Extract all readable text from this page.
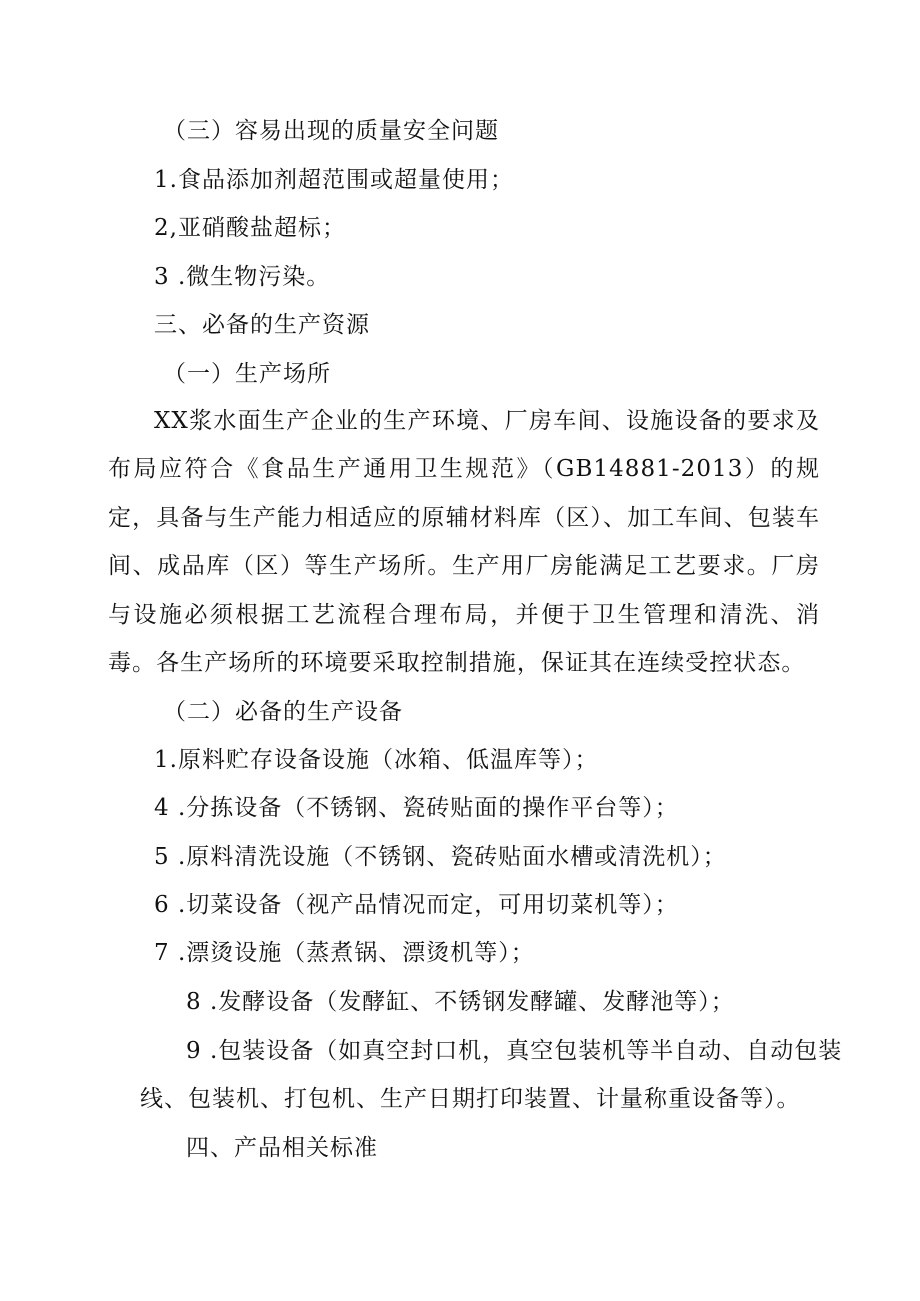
（三）容易出现的质量安全问题
1.食品添加剂超范围或超量使用；
2,亚硝酸盐超标；
3 .微生物污染。
三、必备的生产资源
（一）生产场所
XX浆水面生产企业的生产环境、厂房车间、设施设备的要求及布局应符合《食品生产通用卫生规范》（GB14881-2013）的规定，具备与生产能力相适应的原辅材料库（区）、加工车间、包装车间、成品库（区）等生产场所。生产用厂房能满足工艺要求。厂房与设施必须根据工艺流程合理布局，并便于卫生管理和清洗、消毒。各生产场所的环境要采取控制措施，保证其在连续受控状态。
（二）必备的生产设备
1.原料贮存设备设施（冰箱、低温库等）；
4 .分拣设备（不锈钢、瓷砖贴面的操作平台等）；
5 .原料清洗设施（不锈钢、瓷砖贴面水槽或清洗机）；
6 .切菜设备（视产品情况而定，可用切菜机等）；
7 .漂烫设施（蒸煮锅、漂烫机等）；
8 .发酵设备（发酵缸、不锈钢发酵罐、发酵池等）；
9 .包装设备（如真空封口机，真空包装机等半自动、自动包装
线、包装机、打包机、生产日期打印装置、计量称重设备等）。
四、产品相关标准
